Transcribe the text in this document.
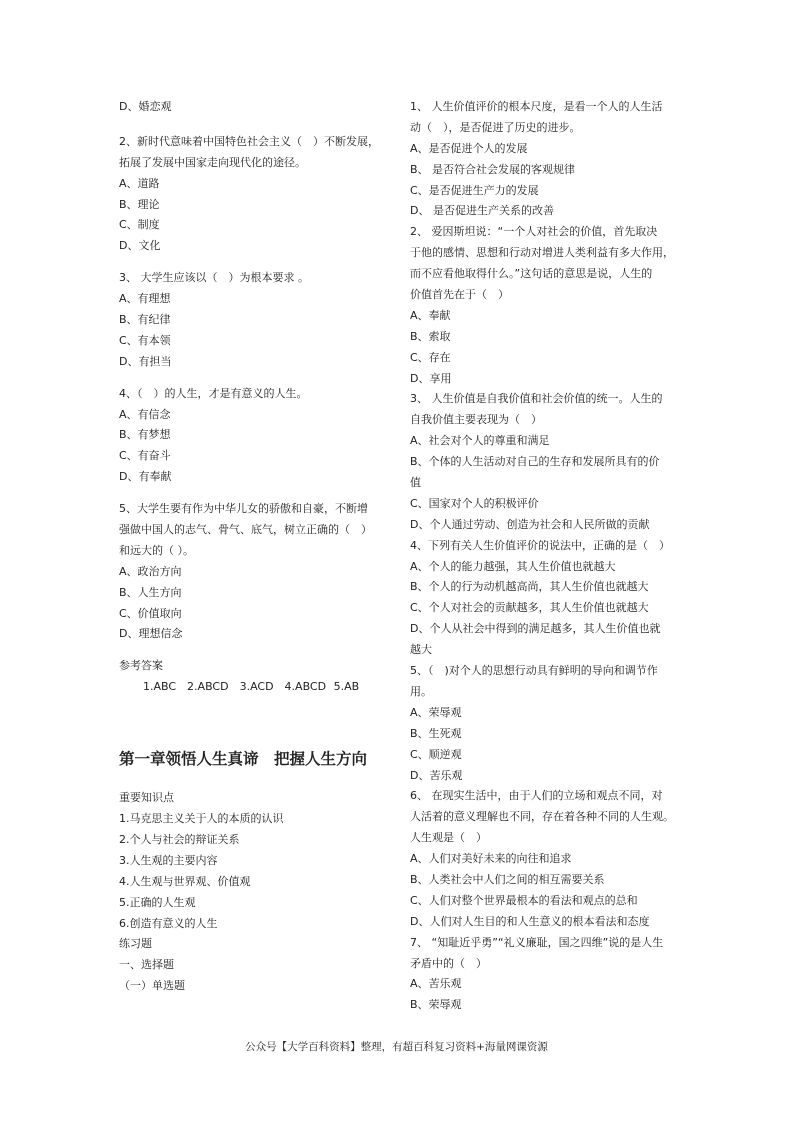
D、婚恋观
2、新时代意味着中国特色社会主义（　）不断发展，
拓展了发展中国家走向现代化的途径。
A、道路
B、理论
C、制度
D、文化
3、 大学生应该以（　）为根本要求 。
A、有理想
B、有纪律
C、有本领
D、有担当
4、（　）的人生，才是有意义的人生。
A、有信念
B、有梦想
C、有奋斗
D、有奉献
5、大学生要有作为中华儿女的骄傲和自豪，不断增
强做中国人的志气、骨气、底气，树立正确的（　）
和远大的（ ）。
A、政治方向
B、人生方向
C、价值取向
D、理想信念
参考答案
1.ABC　2.ABCD　3.ACD　4.ABCD 5.AB
第一章领悟人生真谛　把握人生方向
重要知识点
1.马克思主义关于人的本质的认识
2.个人与社会的辩证关系
3.人生观的主要内容
4.人生观与世界观、价值观
5.正确的人生观
6.创造有意义的人生
练习题
一、选择题
（一）单选题
1、 人生价值评价的根本尺度，是看一个人的人生活
动（　），是否促进了历史的进步。
A、是否促进个人的发展
B、 是否符合社会发展的客观规律
C、是否促进生产力的发展
D、 是否促进生产关系的改善
2、 爱因斯坦说：“一个人对社会的价值，首先取决
于他的感情、思想和行动对增进人类利益有多大作用，
而不应看他取得什么。”这句话的意思是说，人生的
价值首先在于（　）
A、奉献
B、索取
C、存在
D、享用
3、 人生价值是自我价值和社会价值的统一。人生的
自我价值主要表现为（　）
A、社会对个人的尊重和满足
B、个体的人生活动对自己的生存和发展所具有的价
值
C、国家对个人的积极评价
D、个人通过劳动、创造为社会和人民所做的贡献
4、下列有关人生价值评价的说法中，正确的是（　）
A、个人的能力越强，其人生价值也就越大
B、个人的行为动机越高尚，其人生价值也就越大
C、个人对社会的贡献越多，其人生价值也就越大
D、个人从社会中得到的满足越多，其人生价值也就
越大
5、（　)对个人的思想行动具有鲜明的导向和调节作
用。
A、荣辱观
B、生死观
C、顺逆观
D、苦乐观
6、 在现实生活中，由于人们的立场和观点不同，对
人活着的意义理解也不同，存在着各种不同的人生观。
人生观是（　）
A、人们对美好未来的向往和追求
B、人类社会中人们之间的相互需要关系
C、人们对整个世界最根本的看法和观点的总和
D、人们对人生目的和人生意义的根本看法和态度
7、 “知耻近乎勇”“礼义廉耻，国之四维”说的是人生
矛盾中的（　）
A、苦乐观
B、荣辱观
公众号【大学百科资料】整理，有超百科复习资料+海量网课资源
